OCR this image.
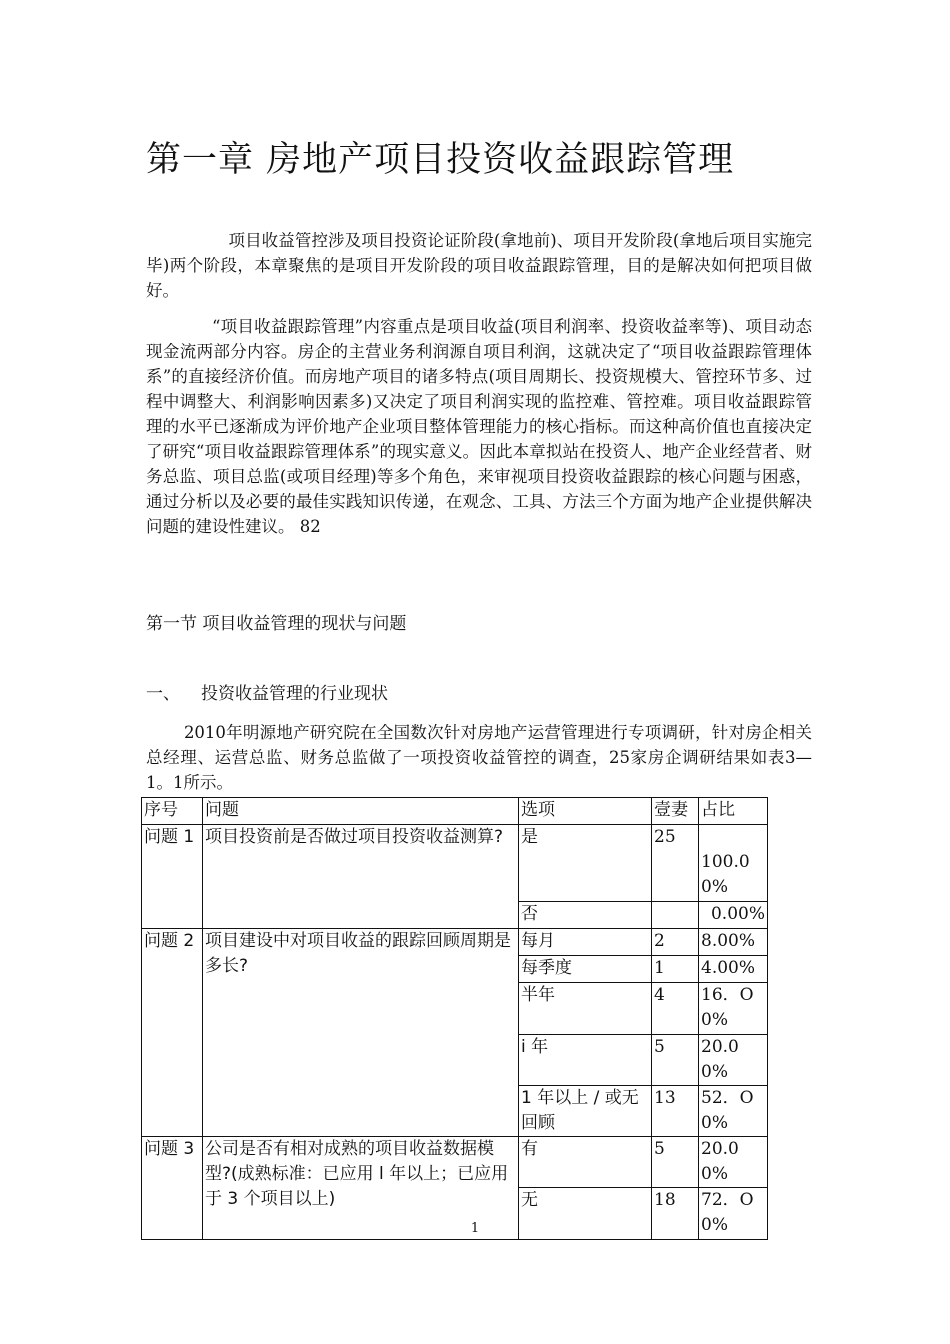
第一章 房地产项目投资收益跟踪管理

项目收益管控涉及项目投资论证阶段(拿地前)、项目开发阶段(拿地后项目实施完毕)两个阶段，本章聚焦的是项目开发阶段的项目收益跟踪管理，目的是解决如何把项目做好。

“项目收益跟踪管理”内容重点是项目收益(项目利润率、投资收益率等)、项目动态现金流两部分内容。房企的主营业务利润源自项目利润，这就决定了“项目收益跟踪管理体系”的直接经济价值。而房地产项目的诸多特点(项目周期长、投资规模大、管控环节多、过程中调整大、利润影响因素多)又决定了项目利润实现的监控难、管控难。项目收益跟踪管理的水平已逐渐成为评价地产企业项目整体管理能力的核心指标。而这种高价值也直接决定了研究“项目收益跟踪管理体系”的现实意义。因此本章拟站在投资人、地产企业经营者、财务总监、项目总监(或项目经理)等多个角色，来审视项目投资收益跟踪的核心问题与困惑，通过分析以及必要的最佳实践知识传递，在观念、工具、方法三个方面为地产企业提供解决问题的建设性建议。 82

第一节 项目收益管理的现状与问题
一、 投资收益管理的行业现状

2010年明源地产研究院在全国数次针对房地产运营管理进行专项调研，针对房企相关总经理、运营总监、财务总监做了一项投资收益管控的调查，25家房企调研结果如表3—1。1所示。

序号	问题	选项	壹妻	占比
问题 1	项目投资前是否做过项目投资收益测算?	是	25	100.00%
		否		0.00%
问题 2	项目建设中对项目收益的跟踪回顾周期是多长?	每月	2	8.00%
		每季度	1	4.00%
		半年	4	16．O0%
		i 年	5	20.00%
		1 年以上 / 或无回顾	13	52．O0%
问题 3	公司是否有相对成熟的项目收益数据模型?(成熟标准：已应用 l 年以上；已应用于 3 个项目以上)	有	5	20.00%
		无	18	72．O0%
1
